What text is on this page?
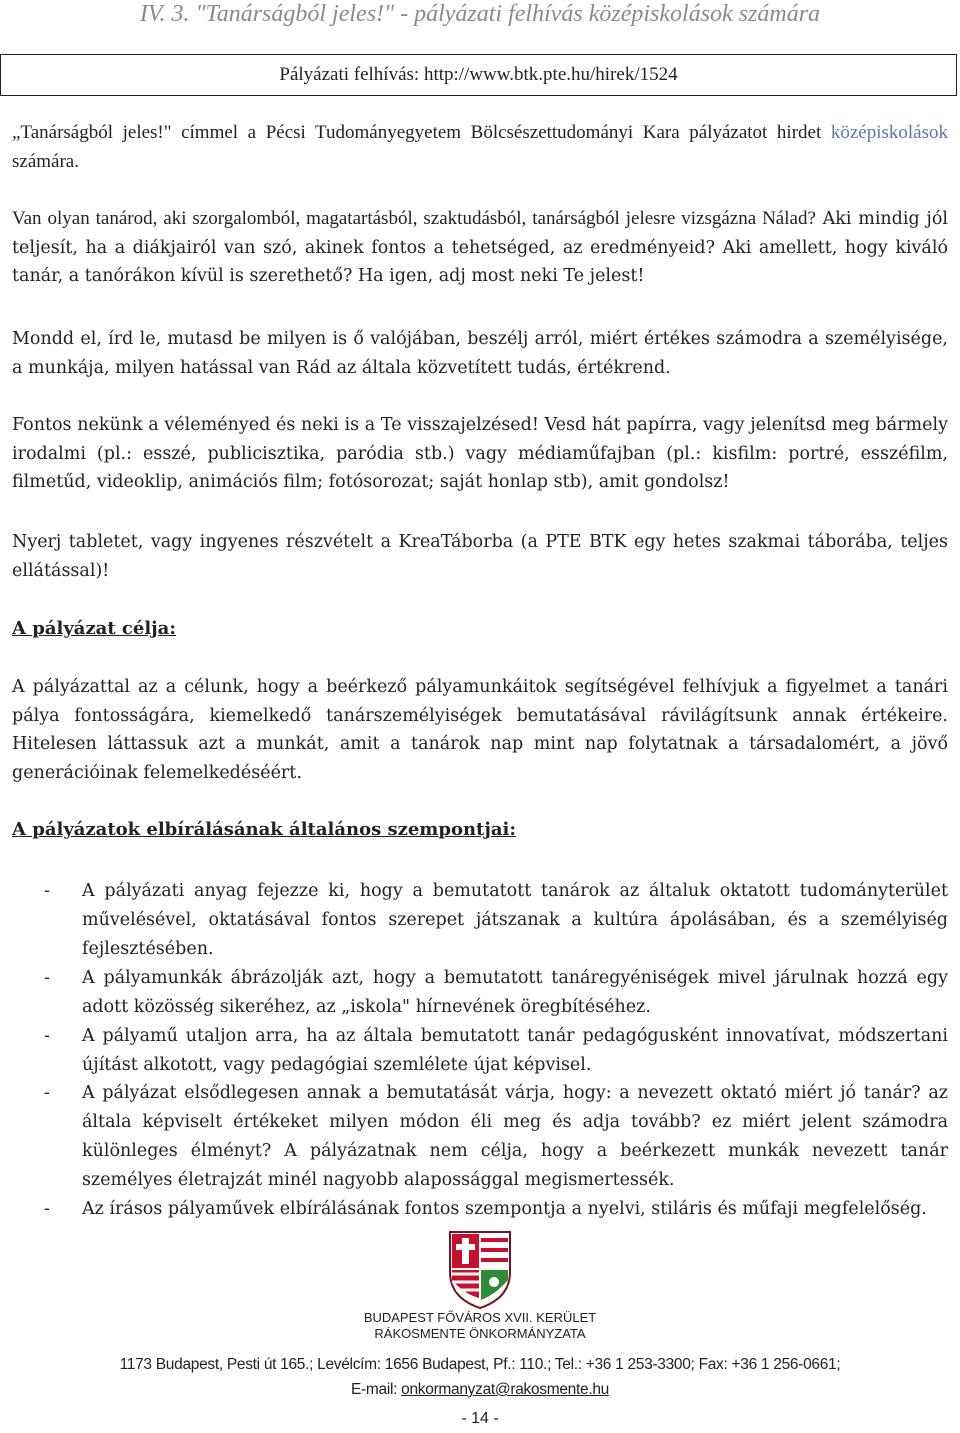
IV. 3. "Tanárságból jeles!" - pályázati felhívás középiskolások számára
Pályázati felhívás: http://www.btk.pte.hu/hirek/1524
„Tanárságból jeles!" címmel a Pécsi Tudományegyetem Bölcsészettudományi Kara pályázatot hirdet középiskolások számára.
Van olyan tanárod, aki szorgalomból, magatartásból, szaktudásból, tanárságból jelesre vizsgázna Nálad? Aki mindig jól teljesít, ha a diákjairól van szó, akinek fontos a tehetséged, az eredményeid? Aki amellett, hogy kiváló tanár, a tanórákon kívül is szerethető? Ha igen, adj most neki Te jelest!
Mondd el, írd le, mutasd be milyen is ő valójában, beszélj arról, miért értékes számodra a személyisége, a munkája, milyen hatással van Rád az általa közvetített tudás, értékrend.
Fontos nekünk a véleményed és neki is a Te visszajelzésed! Vesd hát papírra, vagy jelenítsd meg bármely irodalmi (pl.: esszé, publicisztika, paródia stb.) vagy médiaműfajban (pl.: kisfilm: portré, esszéfilm, filmetűd, videoklip, animációs film; fotósorozat; saját honlap stb), amit gondolsz!
Nyerj tabletet, vagy ingyenes részvételt a KreaTáborba (a PTE BTK egy hetes szakmai táborába, teljes ellátással)!
A pályázat célja:
A pályázattal az a célunk, hogy a beérkező pályamunkáitok segítségével felhívjuk a figyelmet a tanári pálya fontosságára, kiemelkedő tanárszemélyiségek bemutatásával rávilágítsunk annak értékeire. Hitelesen láttassuk azt a munkát, amit a tanárok nap mint nap folytatnak a társadalomért, a jövő generációinak felemelkedéséért.
A pályázatok elbírálásának általános szempontjai:
- A pályázati anyag fejezze ki, hogy a bemutatott tanárok az általuk oktatott tudományterület művelésével, oktatásával fontos szerepet játszanak a kultúra ápolásában, és a személyiség fejlesztésében.
- A pályamunkák ábrázolják azt, hogy a bemutatott tanáregyéniségek mivel járulnak hozzá egy adott közösség sikeréhez, az „iskola" hírnevének öregbítéséhez.
- A pályamű utaljon arra, ha az általa bemutatott tanár pedagógusként innovatívat, módszertani újítást alkotott, vagy pedagógiai szemlélete újat képvisel.
- A pályázat elsődlegesen annak a bemutatását várja, hogy: a nevezett oktató miért jó tanár? az általa képviselt értékeket milyen módon éli meg és adja tovább? ez miért jelent számodra különleges élményt? A pályázatnak nem célja, hogy a beérkezett munkák nevezett tanár személyes életrajzát minél nagyobb alapossággal megismertessék.
- Az írásos pályaművek elbírálásának fontos szempontja a nyelvi, stiláris és műfaji megfelelőség.
BUDAPEST FŐVÁROS XVII. KERÜLET
RÁKOSMENTE ÖNKORMÁNYZATA
1173 Budapest, Pesti út 165.; Levélcím: 1656 Budapest, Pf.: 110.; Tel.: +36 1 253-3300; Fax: +36 1 256-0661;
E-mail: onkormanyzat@rakosmente.hu
- 14 -
